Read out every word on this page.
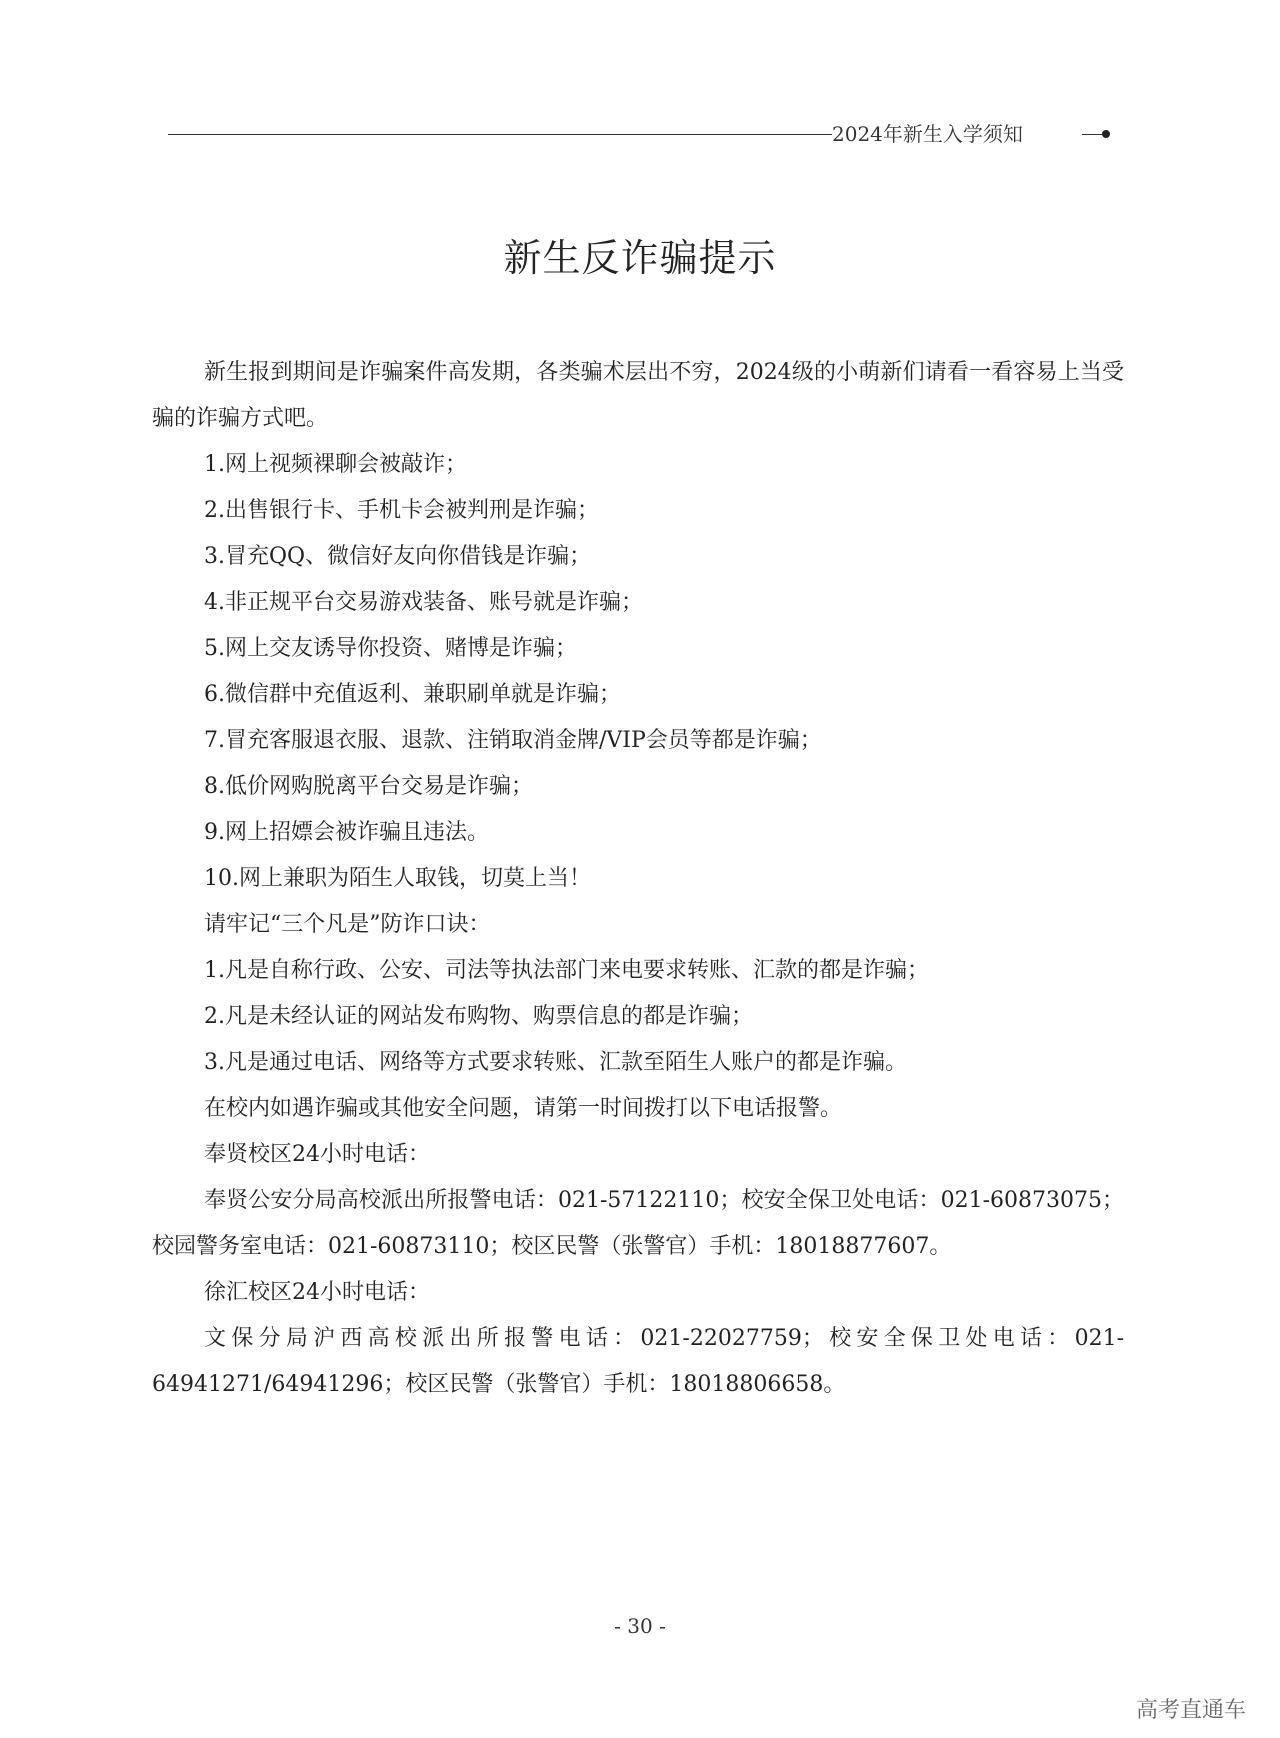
2024年新生入学须知
新生反诈骗提示

新生报到期间是诈骗案件高发期，各类骗术层出不穷，2024级的小萌新们请看一看容易上当受骗的诈骗方式吧。

1.网上视频裸聊会被敲诈；

2.出售银行卡、手机卡会被判刑是诈骗；

3.冒充QQ、微信好友向你借钱是诈骗；

4.非正规平台交易游戏装备、账号就是诈骗；

5.网上交友诱导你投资、赌博是诈骗；

6.微信群中充值返利、兼职刷单就是诈骗；

7.冒充客服退衣服、退款、注销取消金牌/VIP会员等都是诈骗；

8.低价网购脱离平台交易是诈骗；

9.网上招嫖会被诈骗且违法。

10.网上兼职为陌生人取钱，切莫上当！

请牢记“三个凡是”防诈口诀：

1.凡是自称行政、公安、司法等执法部门来电要求转账、汇款的都是诈骗；

2.凡是未经认证的网站发布购物、购票信息的都是诈骗；

3.凡是通过电话、网络等方式要求转账、汇款至陌生人账户的都是诈骗。

在校内如遇诈骗或其他安全问题，请第一时间拨打以下电话报警。

奉贤校区24小时电话：

奉贤公安分局高校派出所报警电话：021-57122110；校安全保卫处电话：021-60873075；校园警务室电话：021-60873110；校区民警（张警官）手机：18018877607。

徐汇校区24小时电话：

文保分局沪西高校派出所报警电话：021-22027759；校安全保卫处电话：021-64941271/64941296；校区民警（张警官）手机：18018806658。

- 30 -
高考直通车
